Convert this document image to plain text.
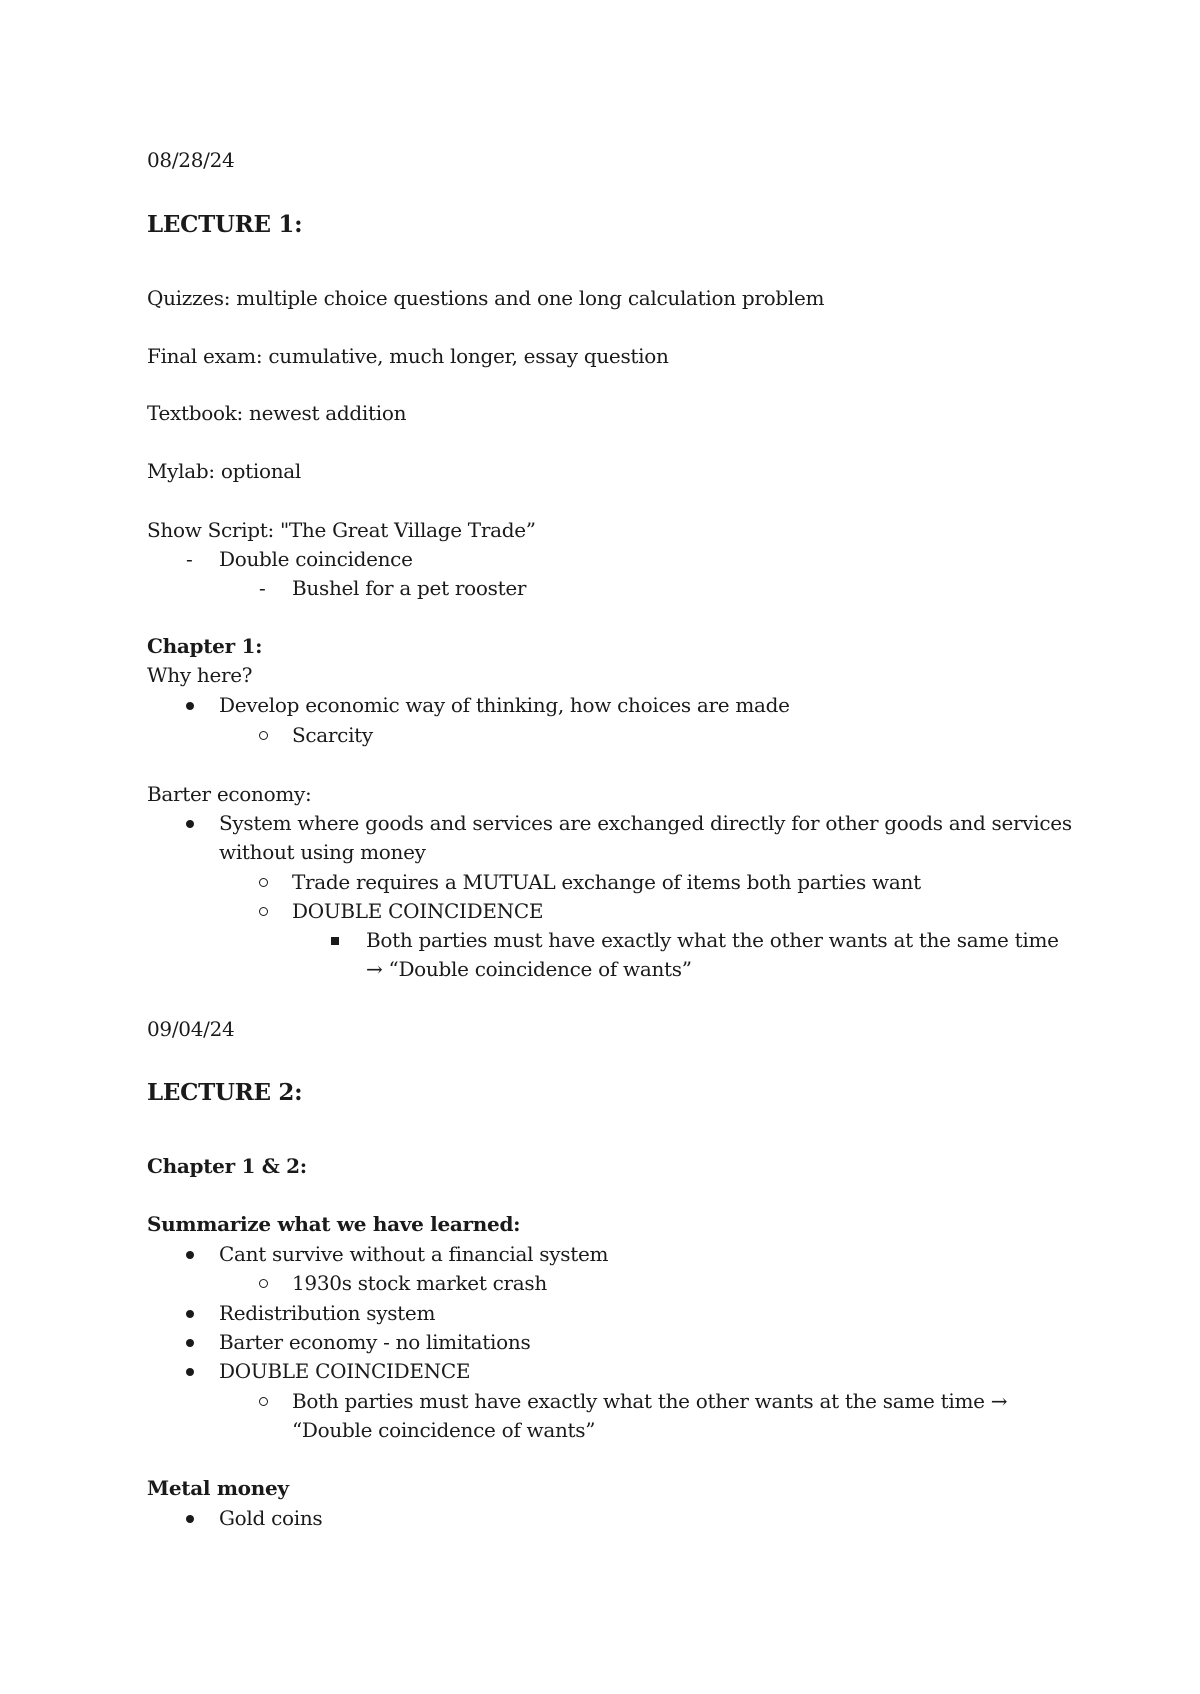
08/28/24
LECTURE 1:
Quizzes: multiple choice questions and one long calculation problem
Final exam: cumulative, much longer, essay question
Textbook: newest addition
Mylab: optional
Show Script: "The Great Village Trade”
- Double coincidence
- Bushel for a pet rooster
Chapter 1:
Why here?
Develop economic way of thinking, how choices are made
Scarcity
Barter economy:
System where goods and services are exchanged directly for other goods and services
without using money
Trade requires a MUTUAL exchange of items both parties want
DOUBLE COINCIDENCE
Both parties must have exactly what the other wants at the same time
→ “Double coincidence of wants”
09/04/24
LECTURE 2:
Chapter 1 & 2:
Summarize what we have learned:
Cant survive without a financial system
1930s stock market crash
Redistribution system
Barter economy - no limitations
DOUBLE COINCIDENCE
Both parties must have exactly what the other wants at the same time →
“Double coincidence of wants”
Metal money
Gold coins
